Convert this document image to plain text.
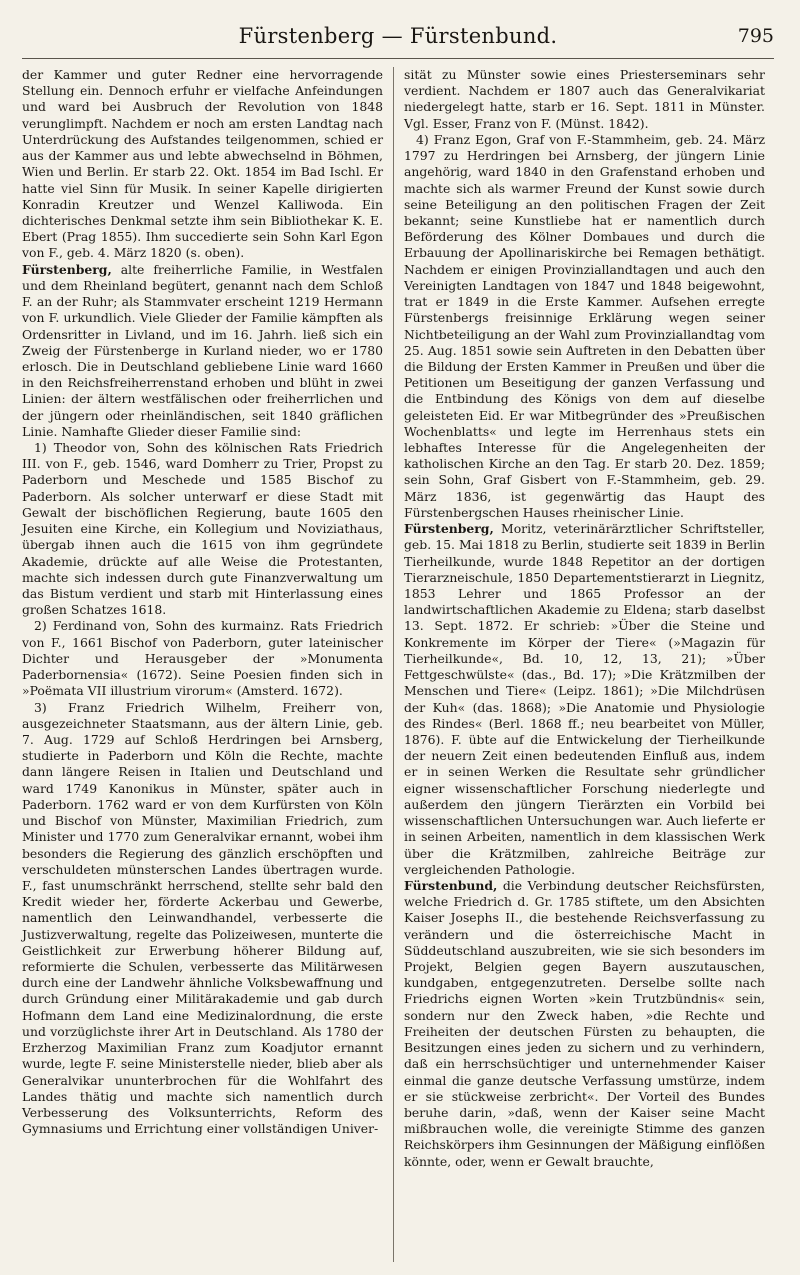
Fürstenberg — Fürstenbund.	795

der Kammer und guter Redner eine hervorragende Stellung ein. Dennoch erfuhr er vielfache Anfeindungen und ward bei Ausbruch der Revolution von 1848 verunglimpft. Nachdem er noch am ersten Landtag nach Unterdrückung des Aufstandes teilgenommen, schied er aus der Kammer aus und lebte abwechselnd in Böhmen, Wien und Berlin. Er starb 22. Okt. 1854 im Bad Ischl. Er hatte viel Sinn für Musik. In seiner Kapelle dirigierten Konradin Kreutzer und Wenzel Kalliwoda. Ein dichterisches Denkmal setzte ihm sein Bibliothekar K. E. Ebert (Prag 1855). Ihm succedierte sein Sohn Karl Egon von F., geb. 4. März 1820 (s. oben).

Fürstenberg, alte freiherrliche Familie, in Westfalen und dem Rheinland begütert, genannt nach dem Schloß F. an der Ruhr; als Stammvater erscheint 1219 Hermann von F. urkundlich. Viele Glieder der Familie kämpften als Ordensritter in Livland, und im 16. Jahrh. ließ sich ein Zweig der Fürstenberge in Kurland nieder, wo er 1780 erlosch. Die in Deutschland gebliebene Linie ward 1660 in den Reichsfreiherrenstand erhoben und blüht in zwei Linien: der ältern westfälischen oder freiherrlichen und der jüngern oder rheinländischen, seit 1840 gräflichen Linie. Namhafte Glieder dieser Familie sind:

1) Theodor von, Sohn des kölnischen Rats Friedrich III. von F., geb. 1546, ward Domherr zu Trier, Propst zu Paderborn und Meschede und 1585 Bischof zu Paderborn. Als solcher unterwarf er diese Stadt mit Gewalt der bischöflichen Regierung, baute 1605 den Jesuiten eine Kirche, ein Kollegium und Noviziathaus, übergab ihnen auch die 1615 von ihm gegründete Akademie, drückte auf alle Weise die Protestanten, machte sich indessen durch gute Finanzverwaltung um das Bistum verdient und starb mit Hinterlassung eines großen Schatzes 1618.

2) Ferdinand von, Sohn des kurmainz. Rats Friedrich von F., 1661 Bischof von Paderborn, guter lateinischer Dichter und Herausgeber der »Monumenta Paderbornensia« (1672). Seine Poesien finden sich in »Poëmata VII illustrium virorum« (Amsterd. 1672).

3) Franz Friedrich Wilhelm, Freiherr von, ausgezeichneter Staatsmann, aus der ältern Linie, geb. 7. Aug. 1729 auf Schloß Herdringen bei Arnsberg, studierte in Paderborn und Köln die Rechte, machte dann längere Reisen in Italien und Deutschland und ward 1749 Kanonikus in Münster, später auch in Paderborn. 1762 ward er von dem Kurfürsten von Köln und Bischof von Münster, Maximilian Friedrich, zum Minister und 1770 zum Generalvikar ernannt, wobei ihm besonders die Regierung des gänzlich erschöpften und verschuldeten münsterschen Landes übertragen wurde. F., fast unumschränkt herrschend, stellte sehr bald den Kredit wieder her, förderte Ackerbau und Gewerbe, namentlich den Leinwandhandel, verbesserte die Justizverwaltung, regelte das Polizeiwesen, munterte die Geistlichkeit zur Erwerbung höherer Bildung auf, reformierte die Schulen, verbesserte das Militärwesen durch eine der Landwehr ähnliche Volksbewaffnung und durch Gründung einer Militärakademie und gab durch Hofmann dem Land eine Medizinalordnung, die erste und vorzüglichste ihrer Art in Deutschland. Als 1780 der Erzherzog Maximilian Franz zum Koadjutor ernannt wurde, legte F. seine Ministerstelle nieder, blieb aber als Generalvikar ununterbrochen für die Wohlfahrt des Landes thätig und machte sich namentlich durch Verbesserung des Volksunterrichts, Reform des Gymnasiums und Errichtung einer vollständigen Univer-

sität zu Münster sowie eines Priesterseminars sehr verdient. Nachdem er 1807 auch das Generalvikariat niedergelegt hatte, starb er 16. Sept. 1811 in Münster. Vgl. Esser, Franz von F. (Münst. 1842).

4) Franz Egon, Graf von F.-Stammheim, geb. 24. März 1797 zu Herdringen bei Arnsberg, der jüngern Linie angehörig, ward 1840 in den Grafenstand erhoben und machte sich als warmer Freund der Kunst sowie durch seine Beteiligung an den politischen Fragen der Zeit bekannt; seine Kunstliebe hat er namentlich durch Beförderung des Kölner Dombaues und durch die Erbauung der Apollinariskirche bei Remagen bethätigt. Nachdem er einigen Provinziallandtagen und auch den Vereinigten Landtagen von 1847 und 1848 beigewohnt, trat er 1849 in die Erste Kammer. Aufsehen erregte Fürstenbergs freisinnige Erklärung wegen seiner Nichtbeteiligung an der Wahl zum Provinziallandtag vom 25. Aug. 1851 sowie sein Auftreten in den Debatten über die Bildung der Ersten Kammer in Preußen und über die Petitionen um Beseitigung der ganzen Verfassung und die Entbindung des Königs von dem auf dieselbe geleisteten Eid. Er war Mitbegründer des »Preußischen Wochenblatts« und legte im Herrenhaus stets ein lebhaftes Interesse für die Angelegenheiten der katholischen Kirche an den Tag. Er starb 20. Dez. 1859; sein Sohn, Graf Gisbert von F.-Stammheim, geb. 29. März 1836, ist gegenwärtig das Haupt des Fürstenbergschen Hauses rheinischer Linie.

Fürstenberg, Moritz, veterinärärztlicher Schriftsteller, geb. 15. Mai 1818 zu Berlin, studierte seit 1839 in Berlin Tierheilkunde, wurde 1848 Repetitor an der dortigen Tierarzneischule, 1850 Departementstierarzt in Liegnitz, 1853 Lehrer und 1865 Professor an der landwirtschaftlichen Akademie zu Eldena; starb daselbst 13. Sept. 1872. Er schrieb: »Über die Steine und Konkremente im Körper der Tiere« (»Magazin für Tierheilkunde«, Bd. 10, 12, 13, 21); »Über Fettgeschwülste« (das., Bd. 17); »Die Krätzmilben der Menschen und Tiere« (Leipz. 1861); »Die Milchdrüsen der Kuh« (das. 1868); »Die Anatomie und Physiologie des Rindes« (Berl. 1868 ff.; neu bearbeitet von Müller, 1876). F. übte auf die Entwickelung der Tierheilkunde der neuern Zeit einen bedeutenden Einfluß aus, indem er in seinen Werken die Resultate sehr gründlicher eigner wissenschaftlicher Forschung niederlegte und außerdem den jüngern Tierärzten ein Vorbild bei wissenschaftlichen Untersuchungen war. Auch lieferte er in seinen Arbeiten, namentlich in dem klassischen Werk über die Krätzmilben, zahlreiche Beiträge zur vergleichenden Pathologie.

Fürstenbund, die Verbindung deutscher Reichsfürsten, welche Friedrich d. Gr. 1785 stiftete, um den Absichten Kaiser Josephs II., die bestehende Reichsverfassung zu verändern und die österreichische Macht in Süddeutschland auszubreiten, wie sie sich besonders im Projekt, Belgien gegen Bayern auszutauschen, kundgaben, entgegenzutreten. Derselbe sollte nach Friedrichs eignen Worten »kein Trutzbündnis« sein, sondern nur den Zweck haben, »die Rechte und Freiheiten der deutschen Fürsten zu behaupten, die Besitzungen eines jeden zu sichern und zu verhindern, daß ein herrschsüchtiger und unternehmender Kaiser einmal die ganze deutsche Verfassung umstürze, indem er sie stückweise zerbricht«. Der Vorteil des Bundes beruhe darin, »daß, wenn der Kaiser seine Macht mißbrauchen wolle, die vereinigte Stimme des ganzen Reichskörpers ihm Gesinnungen der Mäßigung einflößen könnte, oder, wenn er Gewalt brauchte,
